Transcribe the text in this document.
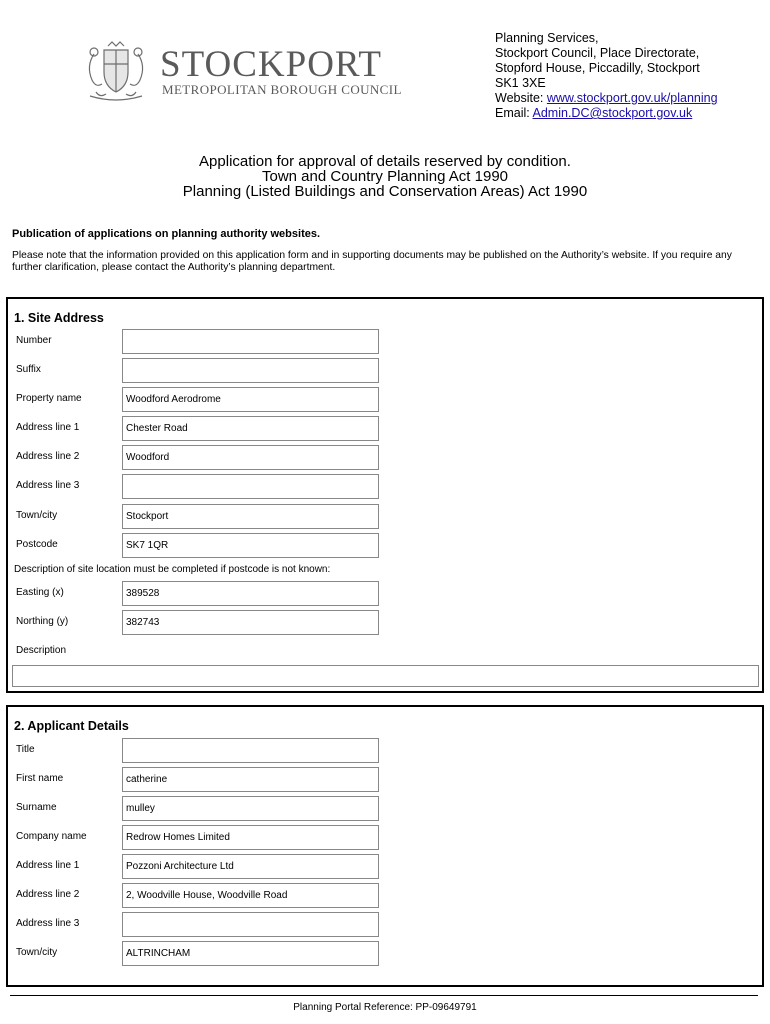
STOCKPORT
METROPOLITAN BOROUGH COUNCIL
Planning Services,
Stockport Council, Place Directorate,
Stopford House, Piccadilly, Stockport
SK1 3XE
Website: www.stockport.gov.uk/planning
Email: Admin.DC@stockport.gov.uk
Application for approval of details reserved by condition.
Town and Country Planning Act 1990
Planning (Listed Buildings and Conservation Areas) Act 1990
Publication of applications on planning authority websites.
Please note that the information provided on this application form and in supporting documents may be published on the Authority’s website. If you require any further clarification, please contact the Authority’s planning department.
1. Site Address
Number
Suffix
Property name	Woodford Aerodrome
Address line 1	Chester Road
Address line 2	Woodford
Address line 3
Town/city	Stockport
Postcode	SK7 1QR
Description of site location must be completed if postcode is not known:
Easting (x)	389528
Northing (y)	382743
Description
2. Applicant Details
Title
First name	catherine
Surname	mulley
Company name	Redrow Homes Limited
Address line 1	Pozzoni Architecture Ltd
Address line 2	2, Woodville House, Woodville Road
Address line 3
Town/city	ALTRINCHAM
Planning Portal Reference: PP-09649791
